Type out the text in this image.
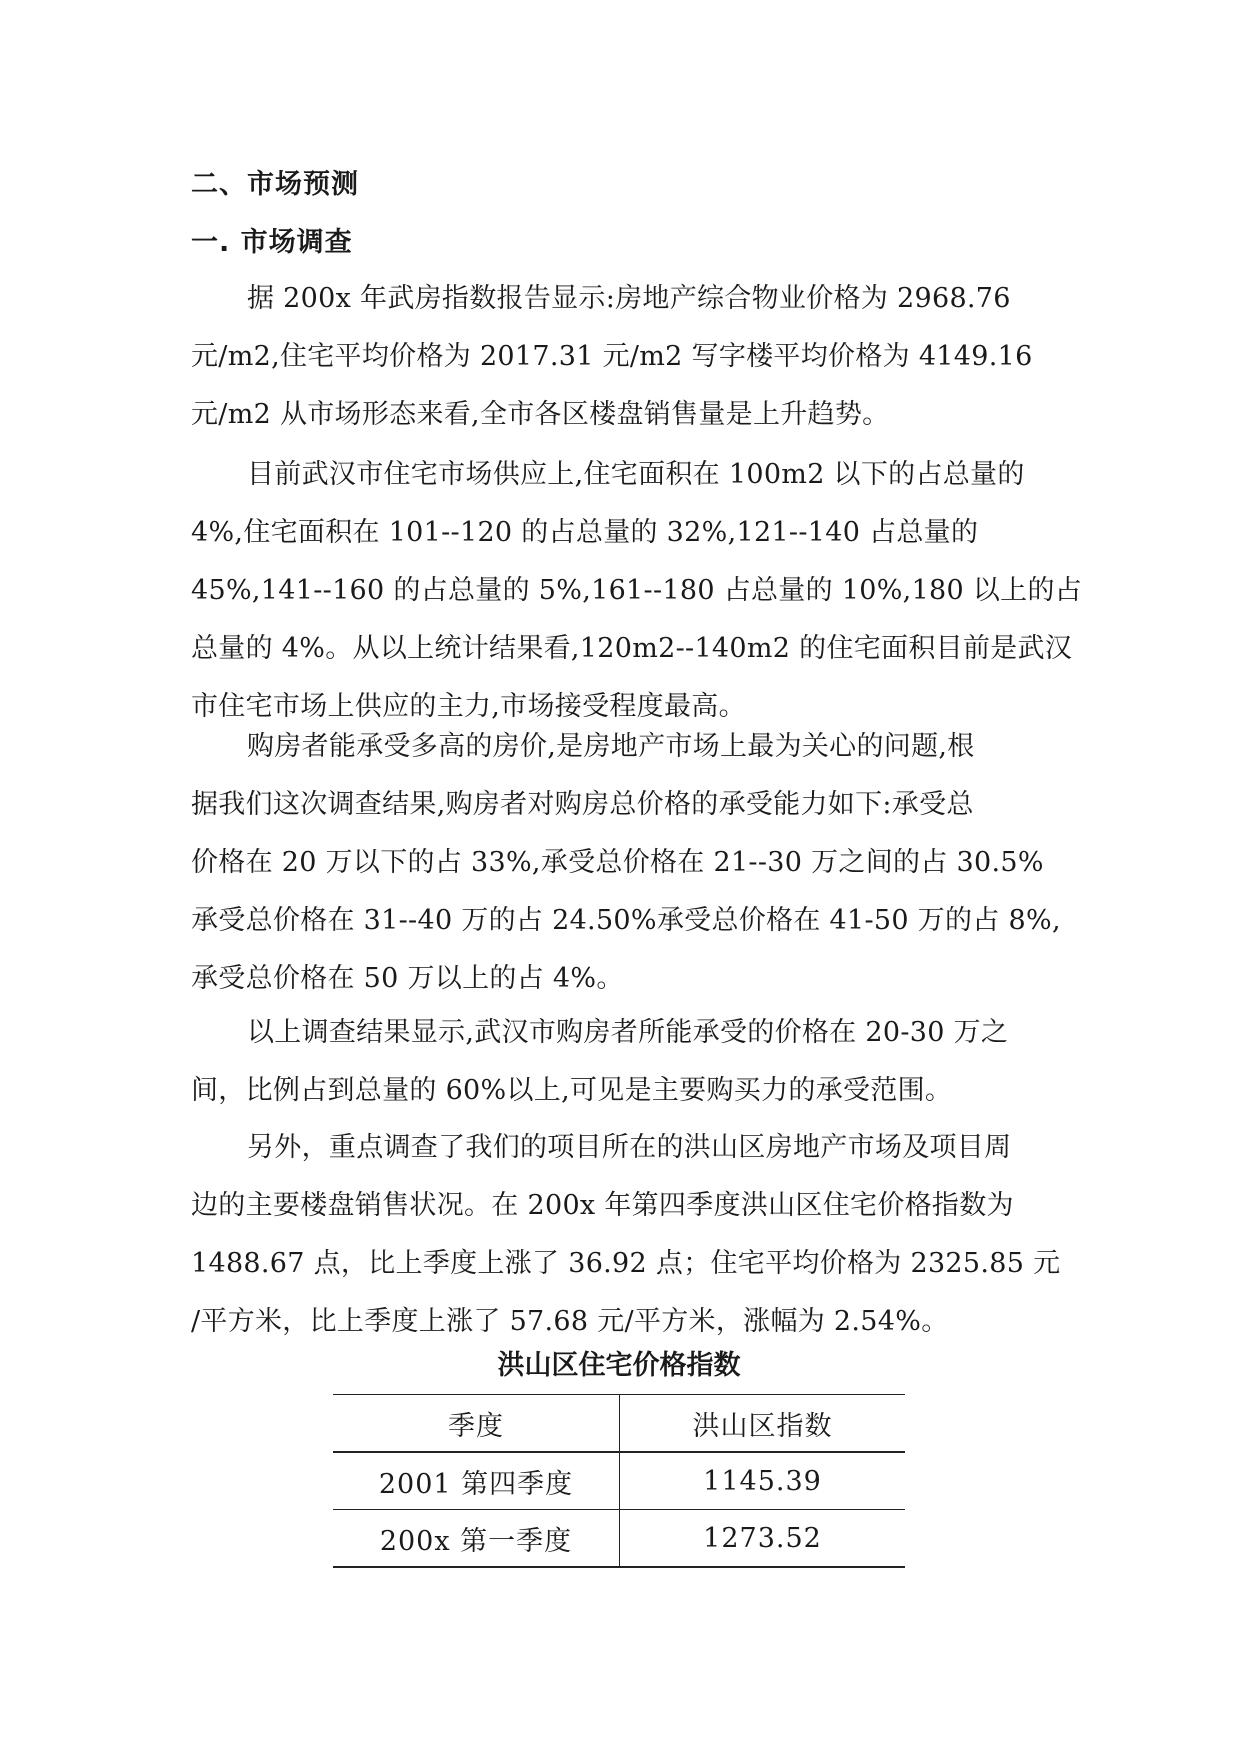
二、市场预测
一. 市场调查
据 200x 年武房指数报告显示:房地产综合物业价格为 2968.76
元/m2,住宅平均价格为 2017.31 元/m2 写字楼平均价格为 4149.16
元/m2 从市场形态来看,全市各区楼盘销售量是上升趋势。
目前武汉市住宅市场供应上,住宅面积在 100m2 以下的占总量的
4%,住宅面积在 101--120 的占总量的 32%,121--140 占总量的
45%,141--160 的占总量的 5%,161--180 占总量的 10%,180 以上的占
总量的 4%。从以上统计结果看,120m2--140m2 的住宅面积目前是武汉
市住宅市场上供应的主力,市场接受程度最高。
购房者能承受多高的房价,是房地产市场上最为关心的问题,根
据我们这次调查结果,购房者对购房总价格的承受能力如下:承受总
价格在 20 万以下的占 33%,承受总价格在 21--30 万之间的占 30.5%
承受总价格在 31--40 万的占 24.50%承受总价格在 41-50 万的占 8%,
承受总价格在 50 万以上的占 4%。
以上调查结果显示,武汉市购房者所能承受的价格在 20-30 万之
间，比例占到总量的 60%以上,可见是主要购买力的承受范围。
另外，重点调查了我们的项目所在的洪山区房地产市场及项目周
边的主要楼盘销售状况。在 200x 年第四季度洪山区住宅价格指数为
1488.67 点，比上季度上涨了 36.92 点；住宅平均价格为 2325.85 元
/平方米，比上季度上涨了 57.68 元/平方米，涨幅为 2.54%。
洪山区住宅价格指数
季度	洪山区指数
2001 第四季度	1145.39
200x 第一季度	1273.52
